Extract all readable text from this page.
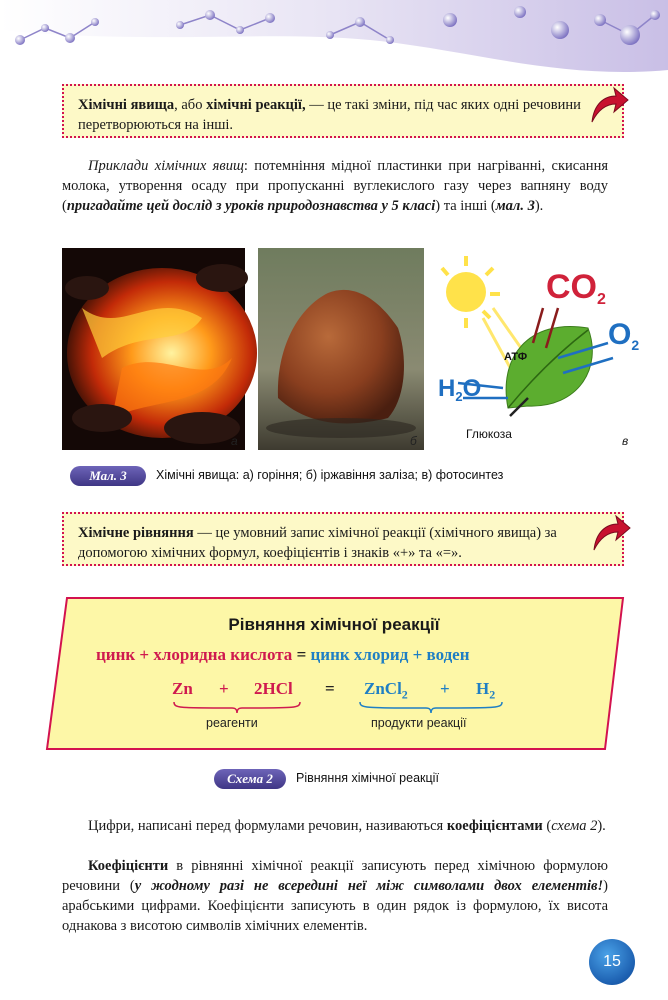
Хімічні явища, або хімічні реакції, — це такі зміни, під час яких одні речовини перетворюються на інші.
Приклади хімічних явищ: потемніння мідної пластинки при нагріванні, скисання молока, утворення осаду при пропусканні вуглекислого газу через вапняну воду (пригадайте цей дослід з уроків природознавства у 5 класі) та інші (мал. 3).
а	б
CO2
$O_2$
$H_2O$
АТФ
Глюкоза	в
Мал. 3	Хімічні явища: а) горіння; б) іржавіння заліза; в) фотосинтез
Хімічне рівняння — це умовний запис хімічної реакції (хімічного явища) за допомогою хімічних формул, коефіцієнтів і знаків «+» та «=».
Рівняння хімічної реакції
цинк + хлоридна кислота = цинк хлорид + воден
Zn + 2HCl = ZnCl$_2$ + $H_2$
реагенти	продукти реакції
Схема 2	Рівняння хімічної реакції
Цифри, написані перед формулами речовин, називаються коефіцієнтами (схема 2).
Коефіцієнти в рівнянні хімічної реакції записують перед хімічною формулою речовини (у жодному разі не всередині неї між символами двох елементів!) арабськими цифрами. Коефіцієнти записують в один рядок із формулою, їх висота однакова з висотою символів хімічних елементів.
15
